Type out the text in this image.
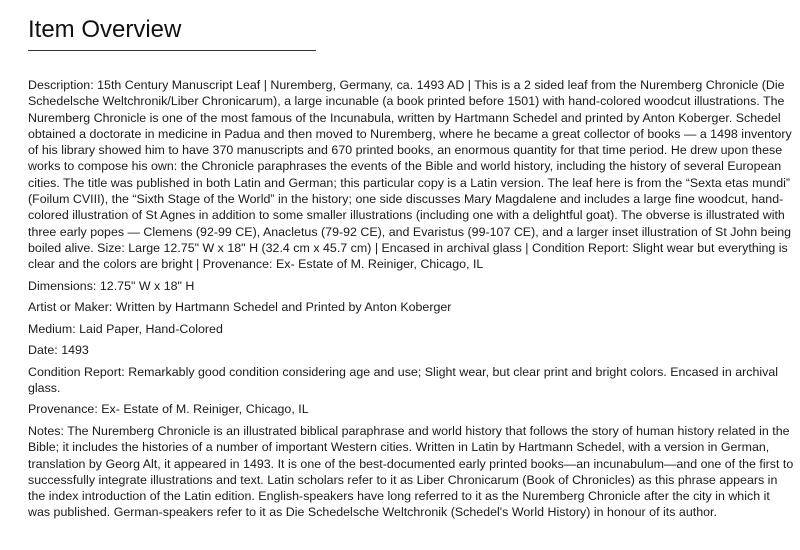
Item Overview

Description: 15th Century Manuscript Leaf | Nuremberg, Germany, ca. 1493 AD | This is a 2 sided leaf from the Nuremberg Chronicle (Die Schedelsche Weltchronik/Liber Chronicarum), a large incunable (a book printed before 1501) with hand-colored woodcut illustrations. The Nuremberg Chronicle is one of the most famous of the Incunabula, written by Hartmann Schedel and printed by Anton Koberger. Schedel obtained a doctorate in medicine in Padua and then moved to Nuremberg, where he became a great collector of books — a 1498 inventory of his library showed him to have 370 manuscripts and 670 printed books, an enormous quantity for that time period. He drew upon these works to compose his own: the Chronicle paraphrases the events of the Bible and world history, including the history of several European cities. The title was published in both Latin and German; this particular copy is a Latin version. The leaf here is from the “Sexta etas mundi” (Foilum CVIII), the “Sixth Stage of the World” in the history; one side discusses Mary Magdalene and includes a large fine woodcut, hand-colored illustration of St Agnes in addition to some smaller illustrations (including one with a delightful goat). The obverse is illustrated with three early popes — Clemens (92-99 CE), Anacletus (79-92 CE), and Evaristus (99-107 CE), and a larger inset illustration of St John being boiled alive. Size: Large 12.75" W x 18" H (32.4 cm x 45.7 cm) | Encased in archival glass | Condition Report: Slight wear but everything is clear and the colors are bright | Provenance: Ex- Estate of M. Reiniger, Chicago, IL

Dimensions: 12.75" W x 18" H

Artist or Maker: Written by Hartmann Schedel and Printed by Anton Koberger

Medium: Laid Paper, Hand-Colored

Date: 1493

Condition Report: Remarkably good condition considering age and use; Slight wear, but clear print and bright colors. Encased in archival glass.

Provenance: Ex- Estate of M. Reiniger, Chicago, IL

Notes: The Nuremberg Chronicle is an illustrated biblical paraphrase and world history that follows the story of human history related in the Bible; it includes the histories of a number of important Western cities. Written in Latin by Hartmann Schedel, with a version in German, translation by Georg Alt, it appeared in 1493. It is one of the best-documented early printed books—an incunabulum—and one of the first to successfully integrate illustrations and text. Latin scholars refer to it as Liber Chronicarum (Book of Chronicles) as this phrase appears in the index introduction of the Latin edition. English-speakers have long referred to it as the Nuremberg Chronicle after the city in which it was published. German-speakers refer to it as Die Schedelsche Weltchronik (Schedel's World History) in honour of its author.
